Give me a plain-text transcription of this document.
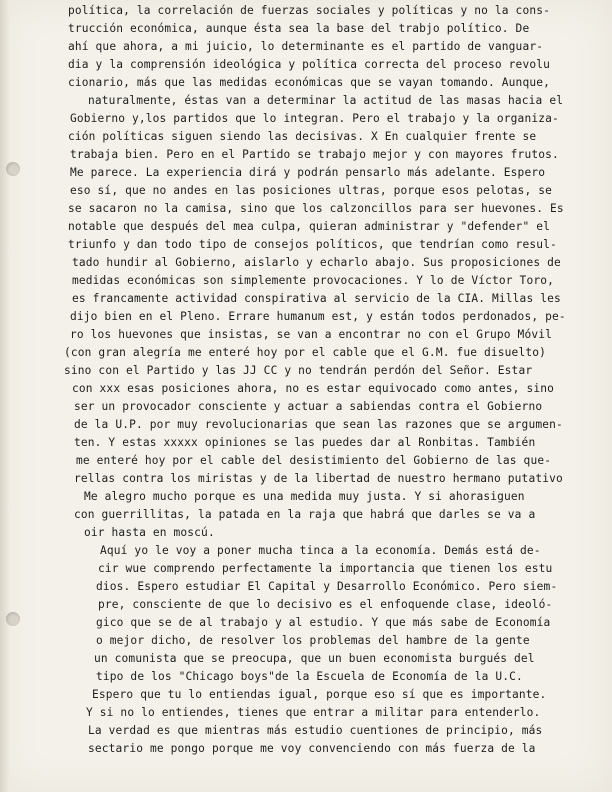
política, la correlación de fuerzas sociales y políticas y no la cons-
trucción económica, aunque ésta sea la base del trabjo político. De
ahí que ahora, a mi juicio, lo determinante es el partido de vanguar-
dia y la comprensión ideológica y política correcta del proceso revolu
cionario, más que las medidas económicas que se vayan tomando. Aunque,
naturalmente, éstas van a determinar la actitud de las masas hacia el
Gobierno y,los partidos que lo integran. Pero el trabajo y la organiza-
ción políticas siguen siendo las decisivas. X En cualquier frente se
trabaja bien. Pero en el Partido se trabajo mejor y con mayores frutos.
Me parece. La experiencia dirá y podrán pensarlo más adelante. Espero
eso sí, que no andes en las posiciones ultras, porque esos pelotas, se
se sacaron no la camisa, sino que los calzoncillos para ser huevones. Es
notable que después del mea culpa, quieran administrar y "defender" el
triunfo y dan todo tipo de consejos políticos, que tendrían como resul-
tado hundir al Gobierno, aislarlo y echarlo abajo. Sus proposiciones de
medidas económicas son simplemente provocaciones. Y lo de Víctor Toro,
es francamente actividad conspirativa al servicio de la CIA. Millas les
dijo bien en el Pleno. Errare humanum est, y están todos perdonados, pe-
ro los huevones que insistas, se van a encontrar no con el Grupo Móvil
(con gran alegría me enteré hoy por el cable que el G.M. fue disuelto)
sino con el Partido y las JJ CC y no tendrán perdón del Señor. Estar
con xxx esas posiciones ahora, no es estar equivocado como antes, sino
ser un provocador consciente y actuar a sabiendas contra el Gobierno
de la U.P. por muy revolucionarias que sean las razones que se argumen-
ten. Y estas xxxxx opiniones se las puedes dar al Ronbitas. También
me enteré hoy por el cable del desistimiento del Gobierno de las que-
rellas contra los miristas y de la libertad de nuestro hermano putativo
Me alegro mucho porque es una medida muy justa. Y si ahorasiguen
con guerrillitas, la patada en la raja que habrá que darles se va a
oir hasta en moscú.
Aquí yo le voy a poner mucha tinca a la economía. Demás está de-
cir wue comprendo perfectamente la importancia que tienen los estu
dios. Espero estudiar El Capital y Desarrollo Económico. Pero siem-
pre, consciente de que lo decisivo es el enfoquende clase, ideoló-
gico que se de al trabajo y al estudio. Y que más sabe de Economía
o mejor dicho, de resolver los problemas del hambre de la gente
un comunista que se preocupa, que un buen economista burgués del
tipo de los "Chicago boys"de la Escuela de Economía de la U.C.
Espero que tu lo entiendas igual, porque eso sí que es importante.
Y si no lo entiendes, tienes que entrar a militar para entenderlo.
La verdad es que mientras más estudio cuentiones de principio, más
sectario me pongo porque me voy convenciendo con más fuerza de la
